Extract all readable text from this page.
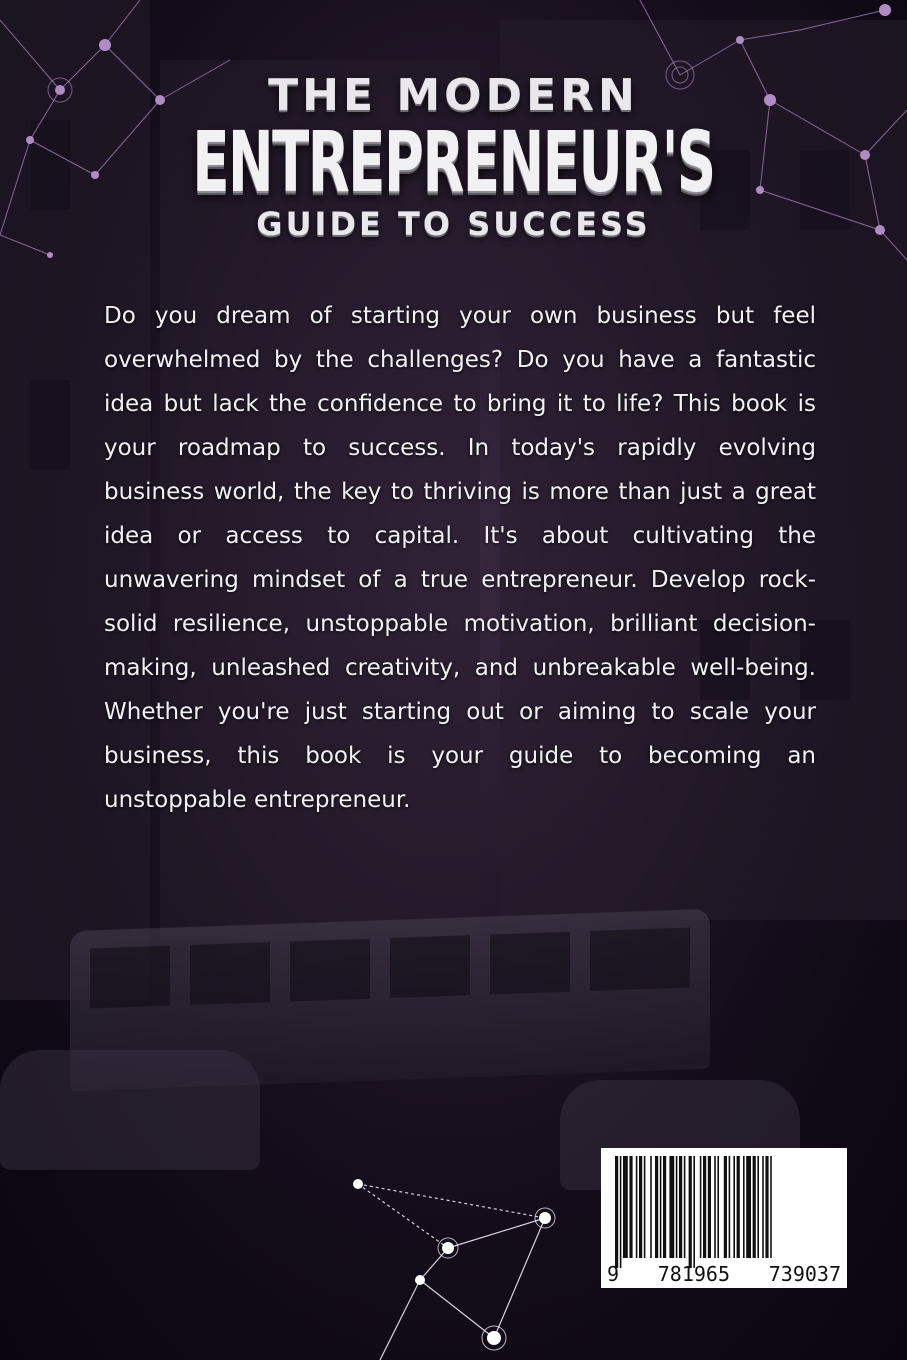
THE MODERN
ENTREPRENEUR'S
GUIDE TO SUCCESS

Do you dream of starting your own business but feel overwhelmed by the challenges? Do you have a fantastic idea but lack the confidence to bring it to life? This book is your roadmap to success. In today's rapidly evolving business world, the key to thriving is more than just a great idea or access to capital. It's about cultivating the unwavering mindset of a true entrepreneur. Develop rock-solid resilience, unstoppable motivation, brilliant decision-making, unleashed creativity, and unbreakable well-being. Whether you're just starting out or aiming to scale your business, this book is your guide to becoming an unstoppable entrepreneur.

9 781965 739037
